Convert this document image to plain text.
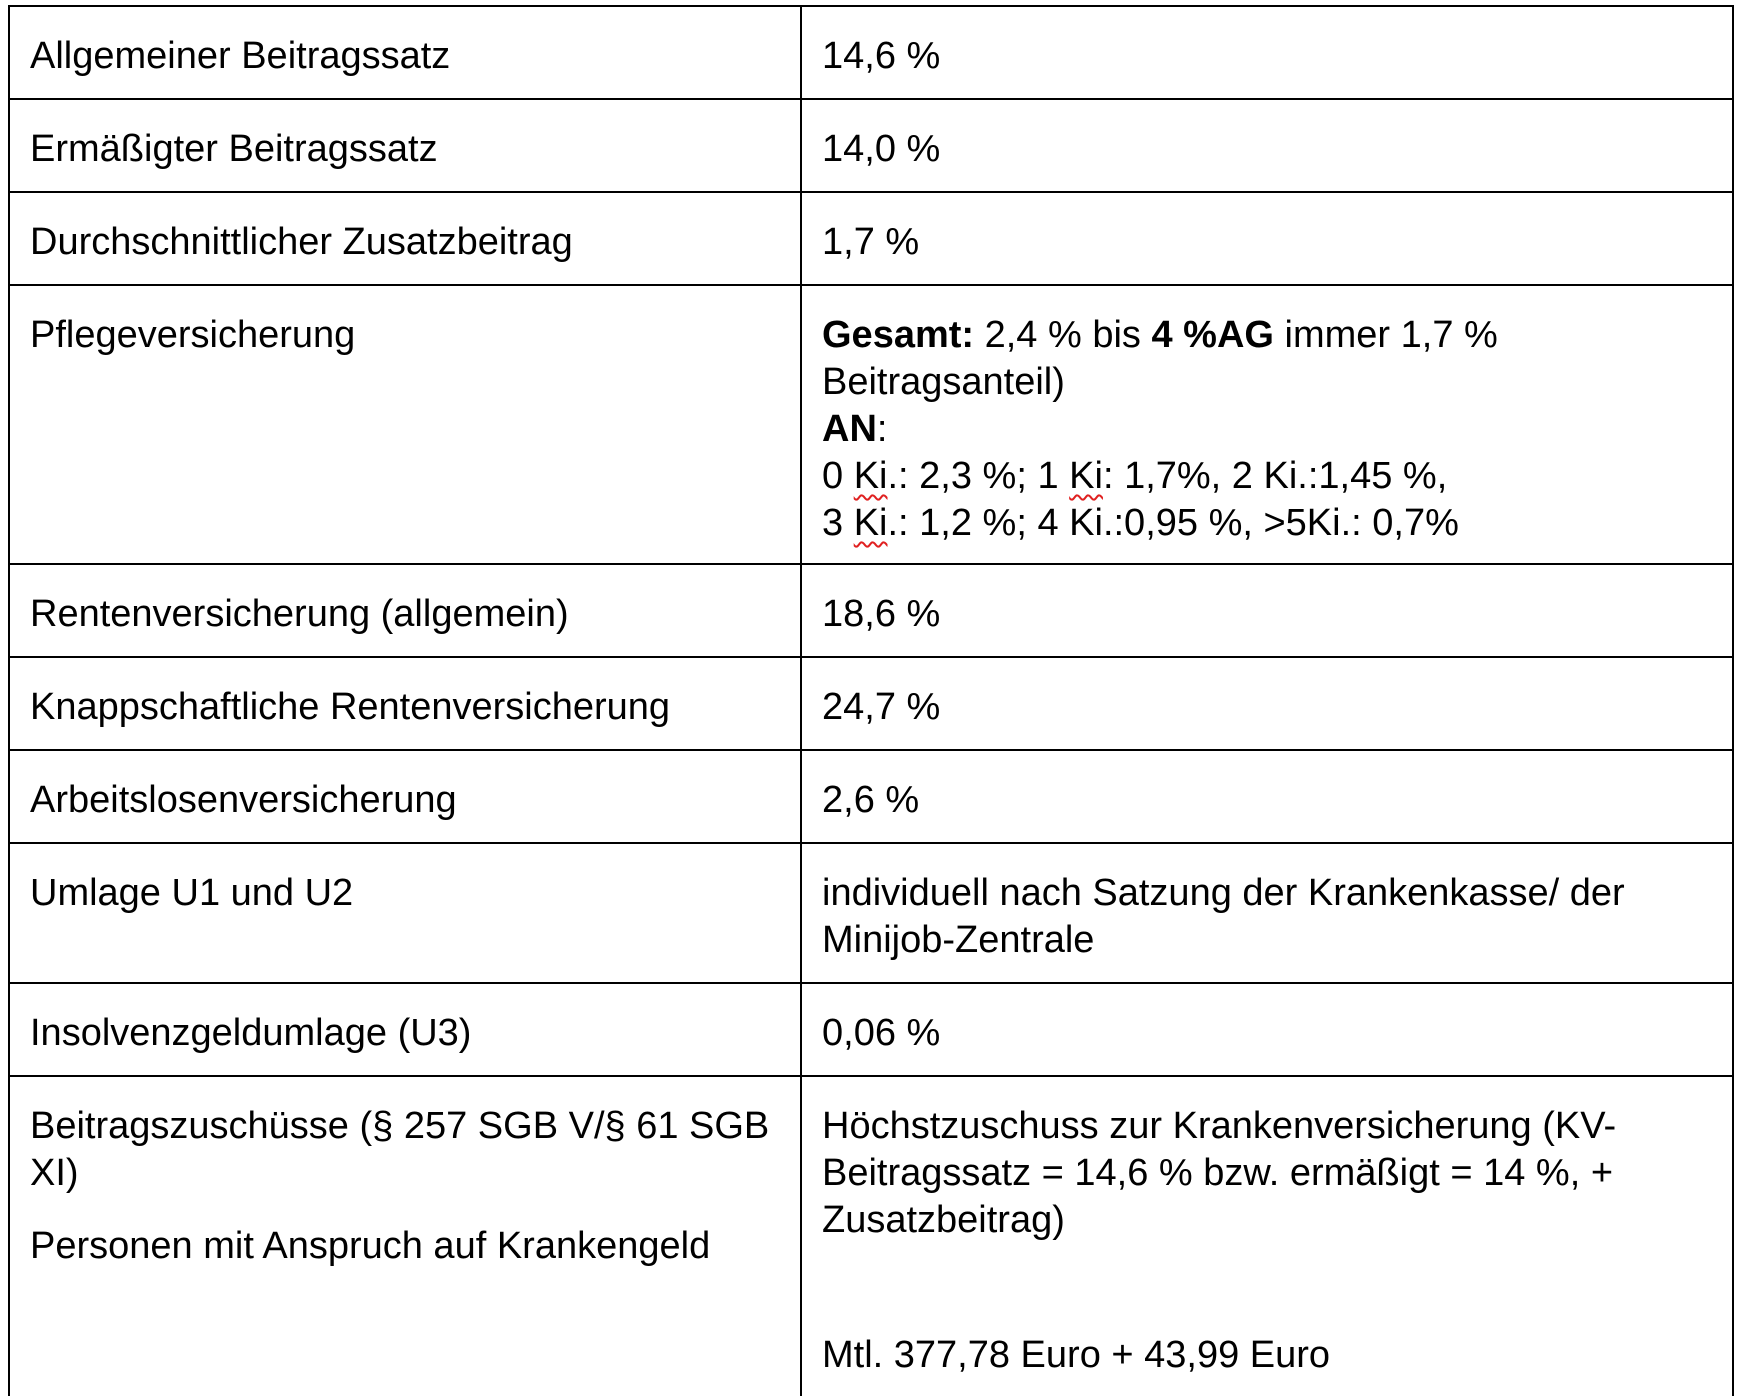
Allgemeiner Beitragssatz	14,6 %

Ermäßigter Beitragssatz	14,0 %

Durchschnittlicher Zusatzbeitrag	1,7 %

Pflegeversicherung	Gesamt: 2,4 % bis 4 %AG immer 1,7 % Beitragsanteil)
AN:
0 Ki.: 2,3 %; 1 Ki: 1,7%, 2 Ki.:1,45 %,
3 Ki.: 1,2 %; 4 Ki.:0,95 %, >5Ki.: 0,7%

Rentenversicherung (allgemein)	18,6 %

Knappschaftliche Rentenversicherung	24,7 %

Arbeitslosenversicherung	2,6 %

Umlage U1 und U2	individuell nach Satzung der Krankenkasse/ der Minijob-Zentrale

Insolvenzgeldumlage (U3)	0,06 %

Beitragszuschüsse (§ 257 SGB V/§ 61 SGB XI)
Personen mit Anspruch auf Krankengeld	Höchstzuschuss zur Krankenversicherung (KV-Beitragssatz = 14,6 % bzw. ermäßigt = 14 %, + Zusatzbeitrag)
Mtl. 377,78 Euro + 43,99 Euro
